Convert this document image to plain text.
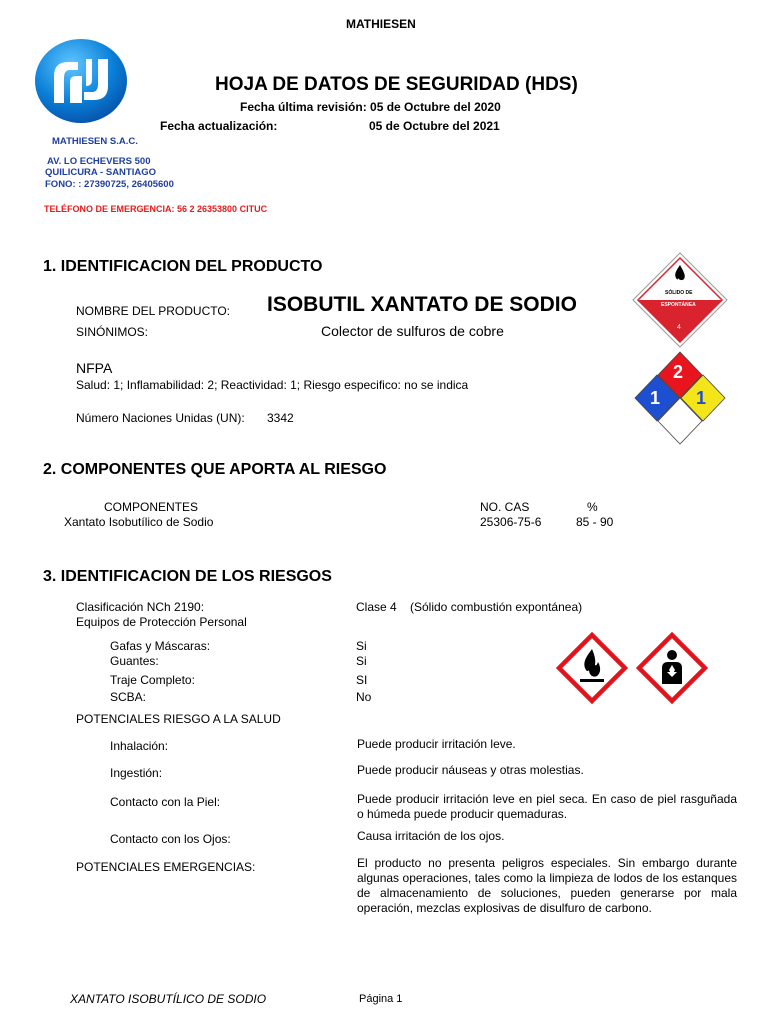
MATHIESEN
HOJA DE DATOS DE SEGURIDAD (HDS)
Fecha última revisión: 05 de Octubre del 2020
Fecha actualización:	05 de Octubre del 2021
MATHIESEN S.A.C.
AV. LO ECHEVERS 500
QUILICURA - SANTIAGO
FONO: : 27390725, 26405600
TELÉFONO DE EMERGENCIA: 56 2 26353800 CITUC
1. IDENTIFICACION DEL PRODUCTO
NOMBRE DEL PRODUCTO: ISOBUTIL XANTATO DE SODIO
SINÓNIMOS:	Colector de sulfuros de cobre
NFPA
Salud: 1; Inflamabilidad: 2; Reactividad: 1; Riesgo especifico: no se indica
Número Naciones Unidas (UN): 3342
SÓLIDO DE
COMBUSTIÓN
ESPONTÁNEA
4
2
1 1
2. COMPONENTES QUE APORTA AL RIESGO
COMPONENTES	NO. CAS	%
Xantato Isobutílico de Sodio	25306-75-6	85 - 90
3. IDENTIFICACION DE LOS RIESGOS
Clasificación NCh 2190:	Clase 4 (Sólido combustión expontánea)
Equipos de Protección Personal
Gafas y Máscaras:	Si
Guantes:	Si
Traje Completo:	SI
SCBA:	No
POTENCIALES RIESGO A LA SALUD
Inhalación:	Puede producir irritación leve.
Ingestión:	Puede producir náuseas y otras molestias.
Contacto con la Piel:	Puede producir irritación leve en piel seca. En caso de piel rasguñada o húmeda puede producir quemaduras.
Contacto con los Ojos:	Causa irritación de los ojos.
POTENCIALES EMERGENCIAS:	El producto no presenta peligros especiales. Sin embargo durante algunas operaciones, tales como la limpieza de lodos de los estanques de almacenamiento de soluciones, pueden generarse por mala operación, mezclas explosivas de disulfuro de carbono.
XANTATO ISOBUTÍLICO DE SODIO	Página 1
